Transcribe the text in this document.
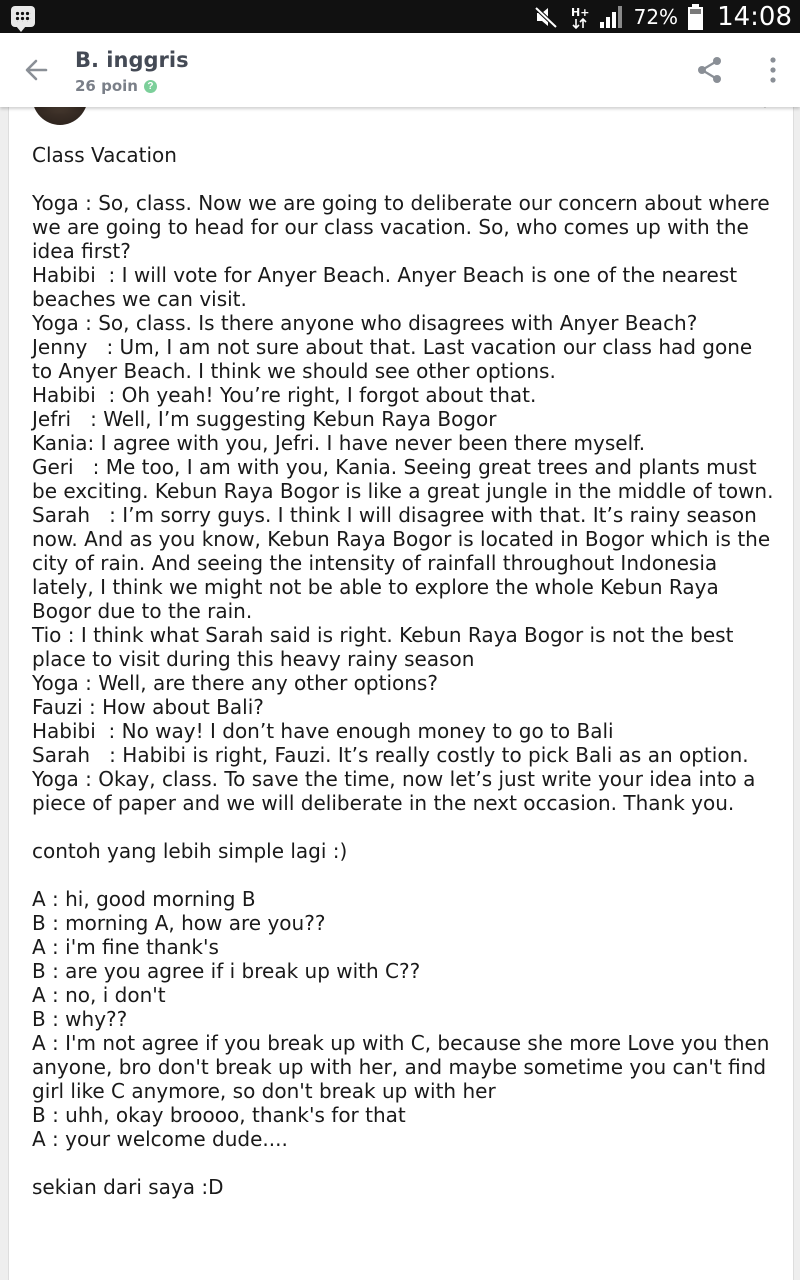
H+ 72% 14:08
B. inggris
26 poin ?
Class Vacation

Yoga : So, class. Now we are going to deliberate our concern about where we are going to head for our class vacation. So, who comes up with the idea first?
Habibi  : I will vote for Anyer Beach. Anyer Beach is one of the nearest beaches we can visit.
Yoga : So, class. Is there anyone who disagrees with Anyer Beach?
Jenny   : Um, I am not sure about that. Last vacation our class had gone to Anyer Beach. I think we should see other options.
Habibi  : Oh yeah! You’re right, I forgot about that.
Jefri   : Well, I’m suggesting Kebun Raya Bogor
Kania: I agree with you, Jefri. I have never been there myself.
Geri   : Me too, I am with you, Kania. Seeing great trees and plants must be exciting. Kebun Raya Bogor is like a great jungle in the middle of town.
Sarah   : I’m sorry guys. I think I will disagree with that. It’s rainy season now. And as you know, Kebun Raya Bogor is located in Bogor which is the city of rain. And seeing the intensity of rainfall throughout Indonesia lately, I think we might not be able to explore the whole Kebun Raya Bogor due to the rain.
Tio : I think what Sarah said is right. Kebun Raya Bogor is not the best place to visit during this heavy rainy season
Yoga : Well, are there any other options?
Fauzi : How about Bali?
Habibi  : No way! I don’t have enough money to go to Bali
Sarah   : Habibi is right, Fauzi. It’s really costly to pick Bali as an option.
Yoga : Okay, class. To save the time, now let’s just write your idea into a piece of paper and we will deliberate in the next occasion. Thank you.

contoh yang lebih simple lagi :)

A : hi, good morning B
B : morning A, how are you??
A : i'm fine thank's
B : are you agree if i break up with C??
A : no, i don't
B : why??
A : I'm not agree if you break up with C, because she more Love you then anyone, bro don't break up with her, and maybe sometime you can't find girl like C anymore, so don't break up with her
B : uhh, okay broooo, thank's for that
A : your welcome dude....

sekian dari saya :D
